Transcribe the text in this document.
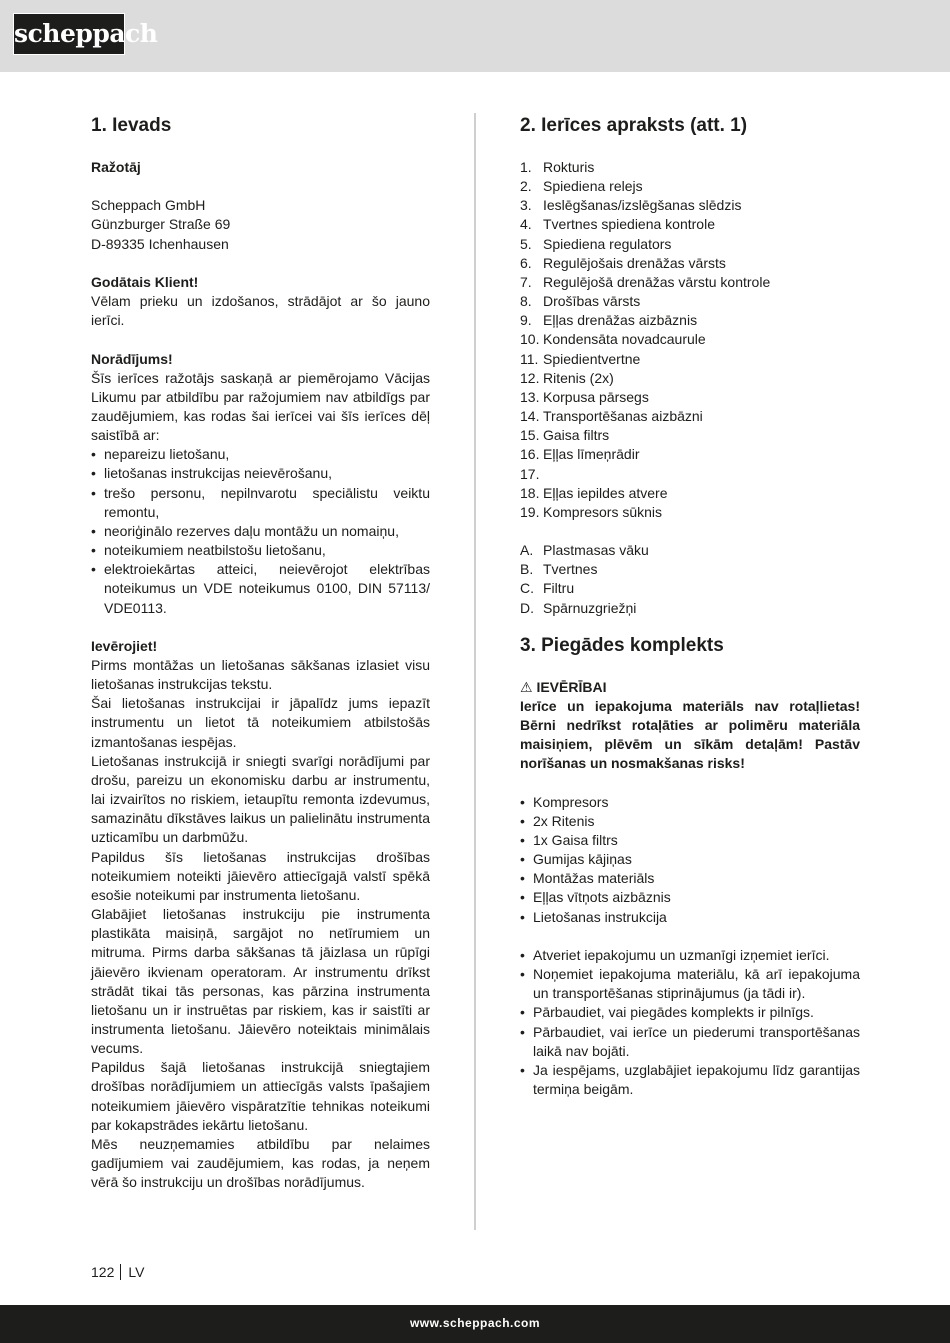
scheppach
1. Ievads

Ražotāj

Scheppach GmbH

Günzburger Straße 69

D-89335 Ichenhausen

Godātais Klient!

Vēlam prieku un izdošanos, strādājot ar šo jauno ierīci.

Norādījums!

Šīs ierīces ražotājs saskaņā ar piemērojamo Vācijas Likumu par atbildību par ražojumiem nav atbildīgs par zaudējumiem, kas rodas šai ierīcei vai šīs ierīces dēļ saistībā ar:

• nepareizu lietošanu,
• lietošanas instrukcijas neievērošanu,
• trešo personu, nepilnvarotu speciālistu veiktu remontu,
• neoriģinālo rezerves daļu montāžu un nomaiņu,
• noteikumiem neatbilstošu lietošanu,
• elektroiekārtas atteici, neievērojot elektrības noteikumus un VDE noteikumus 0100, DIN 57113/ VDE0113.

Ievērojiet!

Pirms montāžas un lietošanas sākšanas izlasiet visu lietošanas instrukcijas tekstu.

Šai lietošanas instrukcijai ir jāpalīdz jums iepazīt instrumentu un lietot tā noteikumiem atbilstošās izmantošanas iespējas.

Lietošanas instrukcijā ir sniegti svarīgi norādījumi par drošu, pareizu un ekonomisku darbu ar instrumentu, lai izvairītos no riskiem, ietaupītu remonta izdevumus, samazinātu dīkstāves laikus un palielinātu instrumenta uzticamību un darbmūžu.

Papildus šīs lietošanas instrukcijas drošības noteikumiem noteikti jāievēro attiecīgajā valstī spēkā esošie noteikumi par instrumenta lietošanu.

Glabājiet lietošanas instrukciju pie instrumenta plastikāta maisiņā, sargājot no netīrumiem un mitruma. Pirms darba sākšanas tā jāizlasa un rūpīgi jāievēro ikvienam operatoram. Ar instrumentu drīkst strādāt tikai tās personas, kas pārzina instrumenta lietošanu un ir instruētas par riskiem, kas ir saistīti ar instrumenta lietošanu. Jāievēro noteiktais minimālais vecums.

Papildus šajā lietošanas instrukcijā sniegtajiem drošības norādījumiem un attiecīgās valsts īpašajiem noteikumiem jāievēro vispāratzītie tehnikas noteikumi par kokapstrādes iekārtu lietošanu.

Mēs neuzņemamies atbildību par nelaimes gadījumiem vai zaudējumiem, kas rodas, ja neņem vērā šo instrukciju un drošības norādījumus.

2. Ierīces apraksts (att. 1)
1. Rokturis
2. Spiediena relejs
3. Ieslēgšanas/izslēgšanas slēdzis
4. Tvertnes spiediena kontrole
5. Spiediena regulators
6. Regulējošais drenāžas vārsts
7. Regulējošā drenāžas vārstu kontrole
8. Drošības vārsts
9. Eļļas drenāžas aizbāznis
10. Kondensāta novadcaurule
11. Spiedientvertne
12. Ritenis (2x)
13. Korpusa pārsegs
14. Transportēšanas aizbāzni
15. Gaisa filtrs
16. Eļļas līmeņrādir
17.
18. Eļļas iepildes atvere
19. Kompresors sūknis
A. Plastmasas vāku
B. Tvertnes
C. Filtru
D. Spārnuzgriežņi
3. Piegādes komplekts

⚠ IEVĒRĪBAI

Ierīce un iepakojuma materiāls nav rotaļlietas! Bērni nedrīkst rotaļāties ar polimēru materiāla maisiņiem, plēvēm un sīkām detaļām! Pastāv norīšanas un nosmakšanas risks!

• Kompresors
• 2x Ritenis
• 1x Gaisa filtrs
• Gumijas kājiņas
• Montāžas materiāls
• Eļļas vītņots aizbāznis
• Lietošanas instrukcija
• Atveriet iepakojumu un uzmanīgi izņemiet ierīci.
• Noņemiet iepakojuma materiālu, kā arī iepakojuma un transportēšanas stiprinājumus (ja tādi ir).
• Pārbaudiet, vai piegādes komplekts ir pilnīgs.
• Pārbaudiet, vai ierīce un piederumi transportēšanas laikā nav bojāti.
• Ja iespējams, uzglabājiet iepakojumu līdz garantijas termiņa beigām.
122 LV
www.scheppach.com
